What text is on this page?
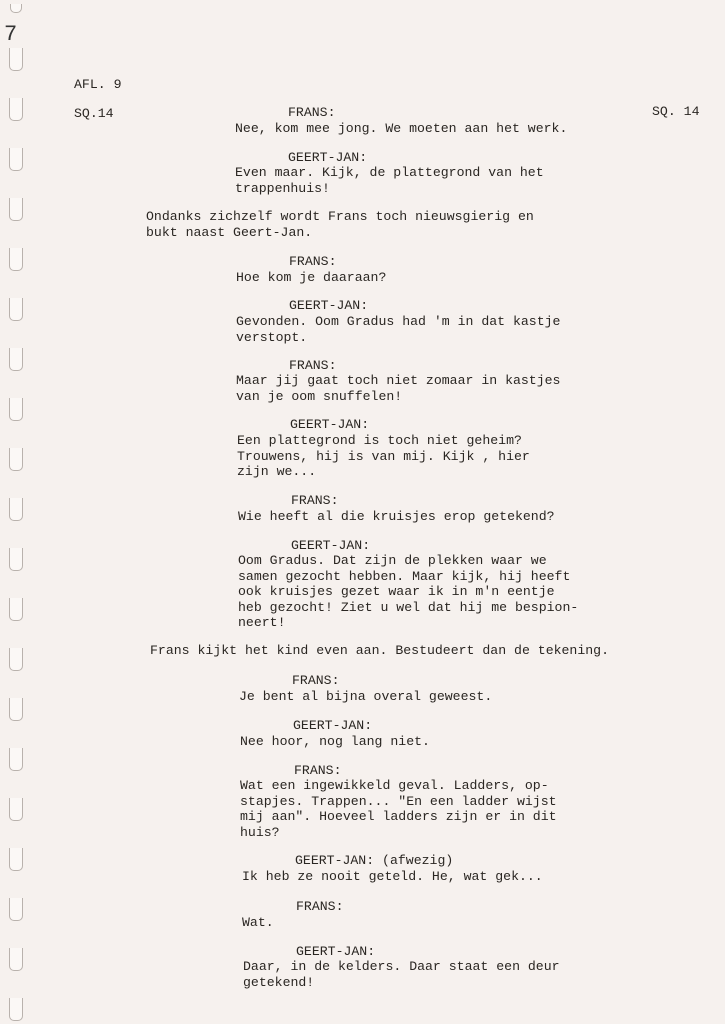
7
AFL. 9
SQ.14	SQ. 14
FRANS:
Nee, kom mee jong. We moeten aan het werk.
GEERT-JAN:
Even maar. Kijk, de plattegrond van het
trappenhuis!
Ondanks zichzelf wordt Frans toch nieuwsgierig en
bukt naast Geert-Jan.
FRANS:
Hoe kom je daaraan?
GEERT-JAN:
Gevonden. Oom Gradus had 'm in dat kastje
verstopt.
FRANS:
Maar jij gaat toch niet zomaar in kastjes
van je oom snuffelen!
GEERT-JAN:
Een plattegrond is toch niet geheim?
Trouwens, hij is van mij. Kijk , hier
zijn we...
FRANS:
Wie heeft al die kruisjes erop getekend?
GEERT-JAN:
Oom Gradus. Dat zijn de plekken waar we
samen gezocht hebben. Maar kijk, hij heeft
ook kruisjes gezet waar ik in m'n eentje
heb gezocht! Ziet u wel dat hij me bespion-
neert!
Frans kijkt het kind even aan. Bestudeert dan de tekening.
FRANS:
Je bent al bijna overal geweest.
GEERT-JAN:
Nee hoor, nog lang niet.
FRANS:
Wat een ingewikkeld geval. Ladders, op-
stapjes. Trappen... "En een ladder wijst
mij aan". Hoeveel ladders zijn er in dit
huis?
GEERT-JAN: (afwezig)
Ik heb ze nooit geteld. He, wat gek...
FRANS:
Wat.
GEERT-JAN:
Daar, in de kelders. Daar staat een deur
getekend!
